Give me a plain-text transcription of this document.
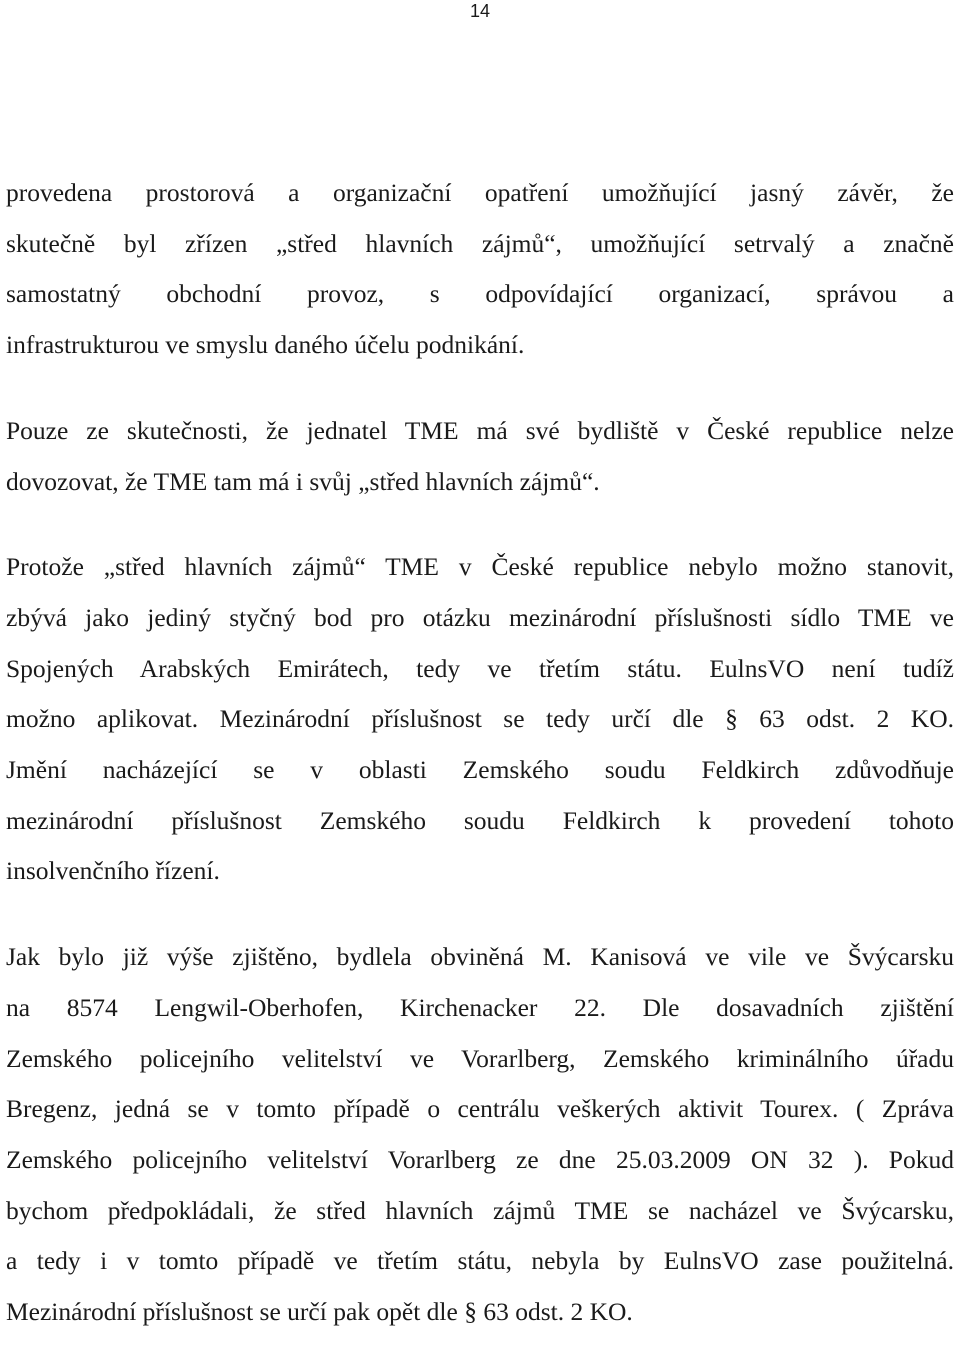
14

provedena prostorová a organizační opatření umožňující jasný závěr, že
skutečně byl zřízen „střed hlavních zájmů“, umožňující setrvalý a značně
samostatný obchodní provoz, s odpovídající organizací, správou a
infrastrukturou ve smyslu daného účelu podnikání.

Pouze ze skutečnosti, že jednatel TME má své bydliště v České republice nelze
dovozovat, že TME tam má i svůj „střed hlavních zájmů“.

Protože „střed hlavních zájmů“ TME v České republice nebylo možno stanovit,
zbývá jako jediný styčný bod pro otázku mezinárodní příslušnosti sídlo TME ve
Spojených Arabských Emirátech, tedy ve třetím státu. EulnsVO není tudíž
možno aplikovat. Mezinárodní příslušnost se tedy určí dle § 63 odst. 2 KO.
Jmění nacházející se v oblasti Zemského soudu Feldkirch zdůvodňuje
mezinárodní příslušnost Zemského soudu Feldkirch k provedení tohoto
insolvenčního řízení.

Jak bylo již výše zjištěno, bydlela obviněná M. Kanisová ve vile ve Švýcarsku
na 8574 Lengwil-Oberhofen, Kirchenacker 22. Dle dosavadních zjištění
Zemského policejního velitelství ve Vorarlberg, Zemského kriminálního úřadu
Bregenz, jedná se v tomto případě o centrálu veškerých aktivit Tourex. ( Zpráva
Zemského policejního velitelství Vorarlberg ze dne 25.03.2009 ON 32 ). Pokud
bychom předpokládali, že střed hlavních zájmů TME se nacházel ve Švýcarsku,
a tedy i v tomto případě ve třetím státu, nebyla by EulnsVO zase použitelná.
Mezinárodní příslušnost se určí pak opět dle § 63 odst. 2 KO.
